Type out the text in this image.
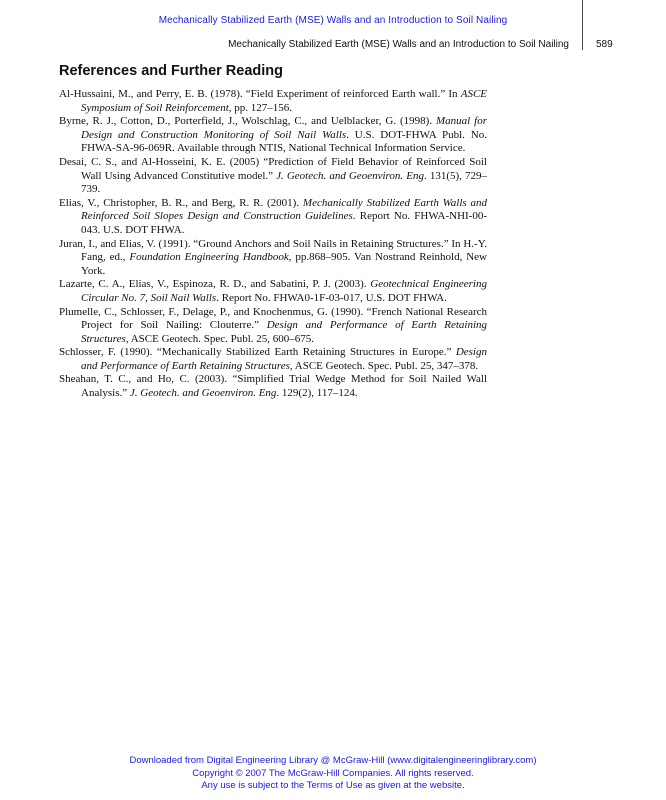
Mechanically Stabilized Earth (MSE) Walls and an Introduction to Soil Nailing
Mechanically Stabilized Earth (MSE) Walls and an Introduction to Soil Nailing	589
References and Further Reading

Al-Hussaini, M., and Perry, E. B. (1978). “Field Experiment of reinforced Earth wall.” In ASCE Symposium of Soil Reinforcement, pp. 127–156.

Byrne, R. J., Cotton, D., Porterfield, J., Wolschlag, C., and Uelblacker, G. (1998). Manual for Design and Construction Monitoring of Soil Nail Walls. U.S. DOT-FHWA Publ. No. FHWA-SA-96-069R. Available through NTIS, National Technical Information Service.

Desai, C. S., and Al-Hosseini, K. E. (2005) “Prediction of Field Behavior of Reinforced Soil Wall Using Advanced Constitutive model.” J. Geotech. and Geoenviron. Eng. 131(5), 729–739.

Elias, V., Christopher, B. R., and Berg, R. R. (2001). Mechanically Stabilized Earth Walls and Reinforced Soil Slopes Design and Construction Guidelines. Report No. FHWA-NHI-00-043. U.S. DOT FHWA.

Juran, I., and Elias, V. (1991). “Ground Anchors and Soil Nails in Retaining Structures.” In H.-Y. Fang, ed., Foundation Engineering Handbook, pp.868–905. Van Nostrand Reinhold, New York.

Lazarte, C. A., Elias, V., Espinoza, R. D., and Sabatini, P. J. (2003). Geotechnical Engineering Circular No. 7, Soil Nail Walls. Report No. FHWA0-1F-03-017, U.S. DOT FHWA.

Plumelle, C., Schlosser, F., Delage, P., and Knochenmus, G. (1990). “French National Research Project for Soil Nailing: Clouterre.” Design and Performance of Earth Retaining Structures, ASCE Geotech. Spec. Publ. 25, 600–675.

Schlosser, F. (1990). “Mechanically Stabilized Earth Retaining Structures in Europe.” Design and Performance of Earth Retaining Structures, ASCE Geotech. Spec. Publ. 25, 347–378.

Sheahan, T. C., and Ho, C. (2003). “Simplified Trial Wedge Method for Soil Nailed Wall Analysis.” J. Geotech. and Geoenviron. Eng. 129(2), 117–124.

Downloaded from Digital Engineering Library @ McGraw-Hill (www.digitalengineeringlibrary.com)
Copyright © 2007 The McGraw-Hill Companies. All rights reserved.
Any use is subject to the Terms of Use as given at the website.
